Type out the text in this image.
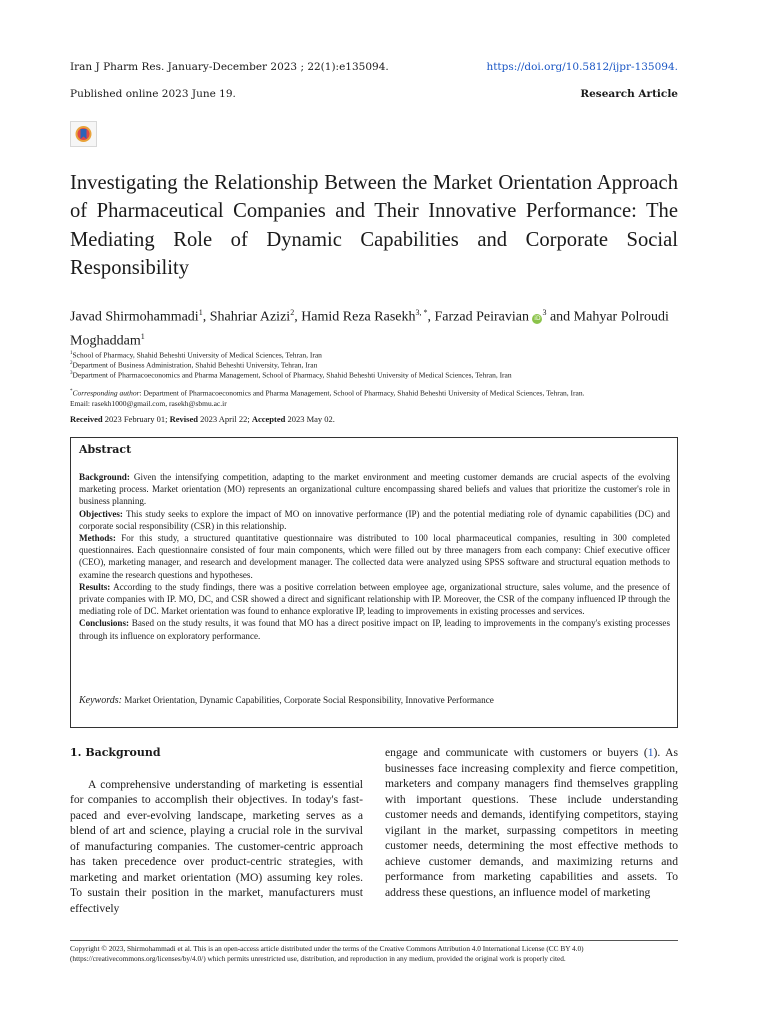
Iran J Pharm Res. January-December 2023 ; 22(1):e135094.	https://doi.org/10.5812/ijpr-135094.
Published online 2023 June 19.	Research Article
Investigating the Relationship Between the Market Orientation Approach of Pharmaceutical Companies and Their Innovative Performance: The Mediating Role of Dynamic Capabilities and Corporate Social Responsibility
Javad Shirmohammadi$^1$, Shahriar Azizi$^2$, Hamid Reza Rasekh$^{3, *}$, Farzad Peiravian $iD^3$ and Mahyar Polroudi Moghaddam$^1$
$^1$School of Pharmacy, Shahid Beheshti University of Medical Sciences, Tehran, Iran
$^2$Department of Business Administration, Shahid Beheshti University, Tehran, Iran
$^3$Department of Pharmacoeconomics and Pharma Management, School of Pharmacy, Shahid Beheshti University of Medical Sciences, Tehran, Iran
*Corresponding author: Department of Pharmacoeconomics and Pharma Management, School of Pharmacy, Shahid Beheshti University of Medical Sciences, Tehran, Iran.
Email: rasekh1000@gmail.com, rasekh@sbmu.ac.ir
Received 2023 February 01; Revised 2023 April 22; Accepted 2023 May 02.
Abstract

Background: Given the intensifying competition, adapting to the market environment and meeting customer demands are crucial aspects of the evolving marketing process. Market orientation (MO) represents an organizational culture encompassing shared beliefs and values that prioritize the customer's role in business planning.

Objectives: This study seeks to explore the impact of MO on innovative performance (IP) and the potential mediating role of dynamic capabilities (DC) and corporate social responsibility (CSR) in this relationship.

Methods: For this study, a structured quantitative questionnaire was distributed to 100 local pharmaceutical companies, resulting in 300 completed questionnaires. Each questionnaire consisted of four main components, which were filled out by three managers from each company: Chief executive officer (CEO), marketing manager, and research and development manager. The collected data were analyzed using SPSS software and structural equation methods to examine the research questions and hypotheses.

Results: According to the study findings, there was a positive correlation between employee age, organizational structure, sales volume, and the presence of private companies with IP. MO, DC, and CSR showed a direct and significant relationship with IP. Moreover, the CSR of the company influenced IP through the mediating role of DC. Market orientation was found to enhance explorative IP, leading to improvements in existing processes and services.

Conclusions: Based on the study results, it was found that MO has a direct positive impact on IP, leading to improvements in the company's existing processes through its influence on exploratory performance.

Keywords: Market Orientation, Dynamic Capabilities, Corporate Social Responsibility, Innovative Performance
1. Background

A comprehensive understanding of marketing is essential for companies to accomplish their objectives. In today's fast-paced and ever-evolving landscape, marketing serves as a blend of art and science, playing a crucial role in the survival of manufacturing companies. The customer-centric approach has taken precedence over product-centric strategies, with marketing and market orientation (MO) assuming key roles. To sustain their position in the market, manufacturers must effectively

engage and communicate with customers or buyers (1). As businesses face increasing complexity and fierce competition, marketers and company managers find themselves grappling with important questions. These include understanding customer needs and demands, identifying competitors, staying vigilant in the market, surpassing competitors in meeting customer needs, determining the most effective methods to achieve customer demands, and maximizing returns and performance from marketing capabilities and assets. To address these questions, an influence model of marketing

Copyright © 2023, Shirmohammadi et al. This is an open-access article distributed under the terms of the Creative Commons Attribution 4.0 International License (CC BY 4.0) (https://creativecommons.org/licenses/by/4.0/) which permits unrestricted use, distribution, and reproduction in any medium, provided the original work is properly cited.
